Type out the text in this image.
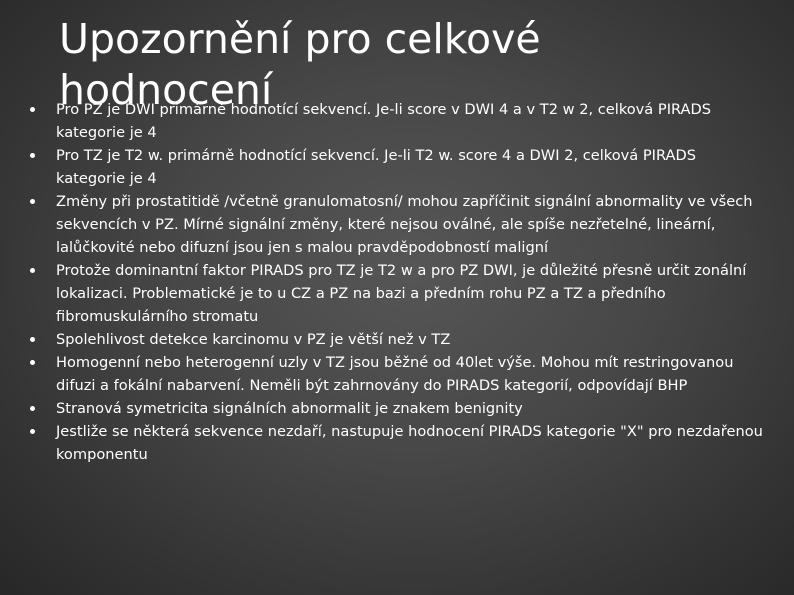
Upozornění pro celkové hodnocení
Pro PZ je DWI primárně hodnotící sekvencí. Je-li score v DWI 4 a v T2 w 2, celková PIRADS kategorie je 4
Pro TZ je T2 w. primárně hodnotící sekvencí. Je-li T2 w. score 4 a DWI 2, celková PIRADS kategorie je 4
Změny při prostatitidě /včetně granulomatosní/ mohou zapříčinit signální abnormality ve všech sekvencích v PZ. Mírné signální změny, které nejsou oválné, ale spíše nezřetelné, lineární, lalůčkovité nebo difuzní jsou jen s malou pravděpodobností maligní
Protože dominantní faktor PIRADS pro TZ je T2 w a pro PZ DWI, je důležité přesně určit zonální lokalizaci. Problematické je to u CZ a PZ na bazi a předním rohu PZ a TZ a předního fibromuskulárního stromatu
Spolehlivost detekce karcinomu v PZ je větší než v TZ
Homogenní nebo heterogenní uzly v TZ jsou běžné od 40let výše. Mohou mít restringovanou difuzi a fokální nabarvení. Neměli být zahrnovány do PIRADS kategorií, odpovídají BHP
Stranová symetricita signálních abnormalit je znakem benignity
Jestliže se některá sekvence nezdaří, nastupuje hodnocení PIRADS kategorie "X" pro nezdařenou komponentu
